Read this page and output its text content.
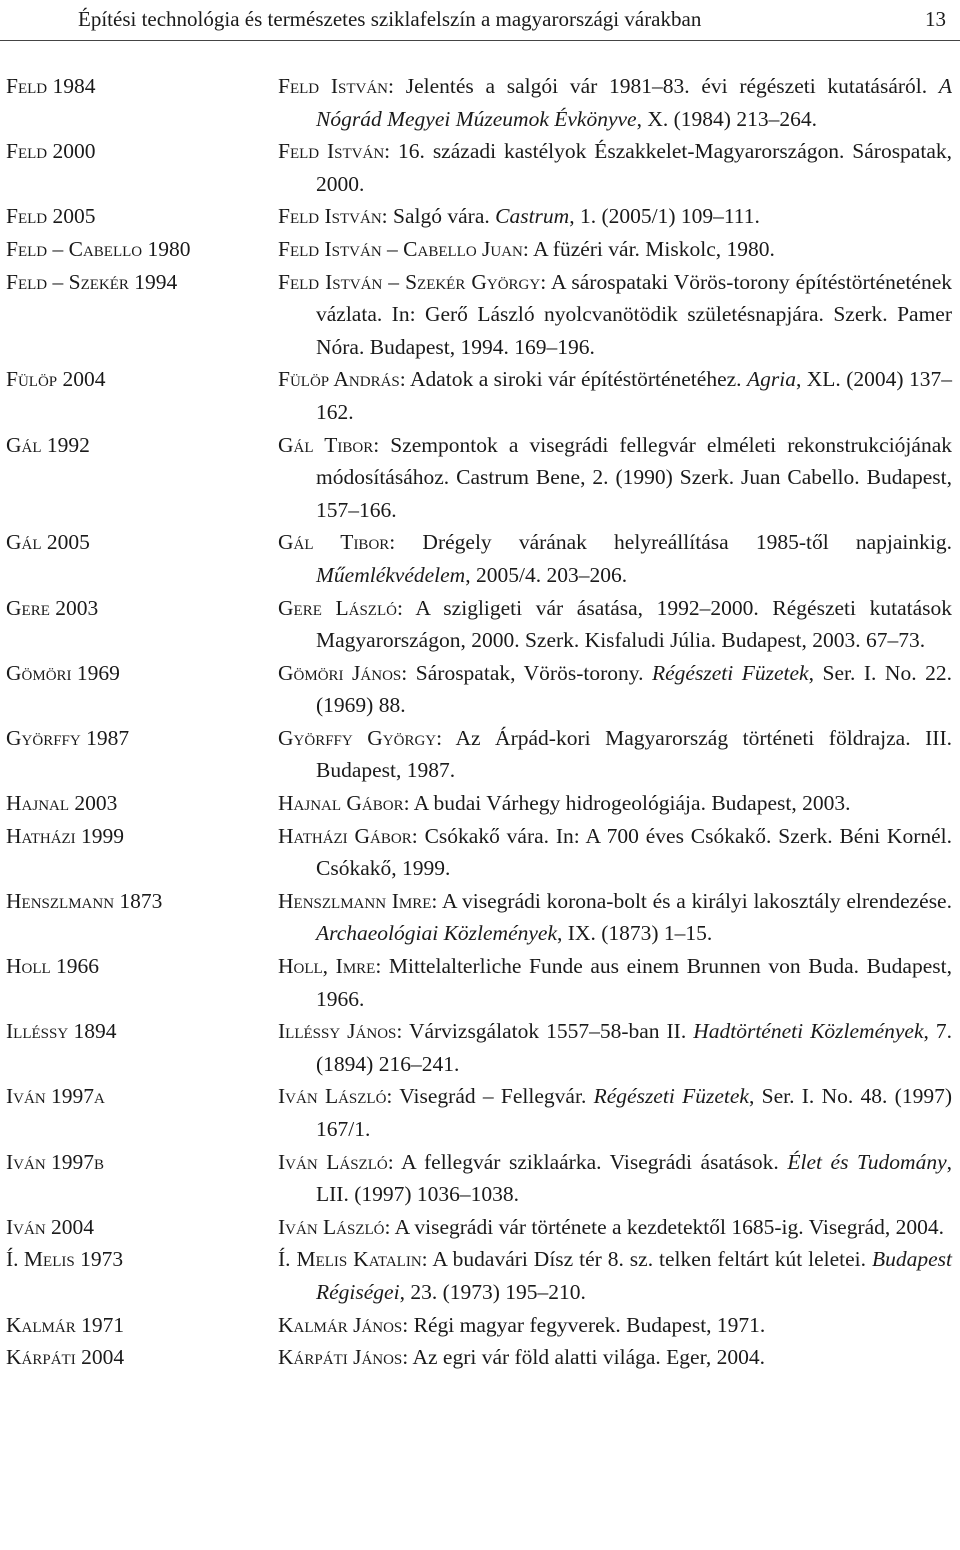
Építési technológia és természetes sziklafelszín a magyarországi várakban	13
Feld 1984	Feld István: Jelentés a salgói vár 1981–83. évi régészeti kutatásáról. A Nógrád Megyei Múzeumok Évkönyve, X. (1984) 213–264.
Feld 2000	Feld István: 16. századi kastélyok Északkelet-Magyarországon. Sárospatak, 2000.
Feld 2005	Feld István: Salgó vára. Castrum, 1. (2005/1) 109–111.
Feld – Cabello 1980	Feld István – Cabello Juan: A füzéri vár. Miskolc, 1980.
Feld – Szekér 1994	Feld István – Szekér György: A sárospataki Vörös-torony építéstörténetének vázlata. In: Gerő László nyolcvanötödik születésnapjára. Szerk. Pamer Nóra. Budapest, 1994. 169–196.
Fülöp 2004	Fülöp András: Adatok a siroki vár építéstörténetéhez. Agria, XL. (2004) 137–162.
Gál 1992	Gál Tibor: Szempontok a visegrádi fellegvár elméleti rekonstrukciójának módosításához. Castrum Bene, 2. (1990) Szerk. Juan Cabello. Budapest, 157–166.
Gál 2005	Gál Tibor: Drégely várának helyreállítása 1985-től napjainkig. Műemlékvédelem, 2005/4. 203–206.
Gere 2003	Gere László: A szigligeti vár ásatása, 1992–2000. Régészeti kutatások Magyarországon, 2000. Szerk. Kisfaludi Júlia. Budapest, 2003. 67–73.
Gömöri 1969	Gömöri János: Sárospatak, Vörös-torony. Régészeti Füzetek, Ser. I. No. 22. (1969) 88.
Györffy 1987	Györffy György: Az Árpád-kori Magyarország történeti földrajza. III. Budapest, 1987.
Hajnal 2003	Hajnal Gábor: A budai Várhegy hidrogeológiája. Budapest, 2003.
Hatházi 1999	Hatházi Gábor: Csókakő vára. In: A 700 éves Csókakő. Szerk. Béni Kornél. Csókakő, 1999.
Henszlmann 1873	Henszlmann Imre: A visegrádi korona-bolt és a királyi lakosztály elrendezése. Archaeológiai Közlemények, IX. (1873) 1–15.
Holl 1966	Holl, Imre: Mittelalterliche Funde aus einem Brunnen von Buda. Budapest, 1966.
Illéssy 1894	Illéssy János: Várvizsgálatok 1557–58-ban II. Hadtörténeti Közlemények, 7. (1894) 216–241.
Iván 1997a	Iván László: Visegrád – Fellegvár. Régészeti Füzetek, Ser. I. No. 48. (1997) 167/1.
Iván 1997b	Iván László: A fellegvár sziklaárka. Visegrádi ásatások. Élet és Tudomány, LII. (1997) 1036–1038.
Iván 2004	Iván László: A visegrádi vár története a kezdetektől 1685-ig. Visegrád, 2004.
Í. Melis 1973	Í. Melis Katalin: A budavári Dísz tér 8. sz. telken feltárt kút leletei. Budapest Régiségei, 23. (1973) 195–210.
Kalmár 1971	Kalmár János: Régi magyar fegyverek. Budapest, 1971.
Kárpáti 2004	Kárpáti János: Az egri vár föld alatti világa. Eger, 2004.
